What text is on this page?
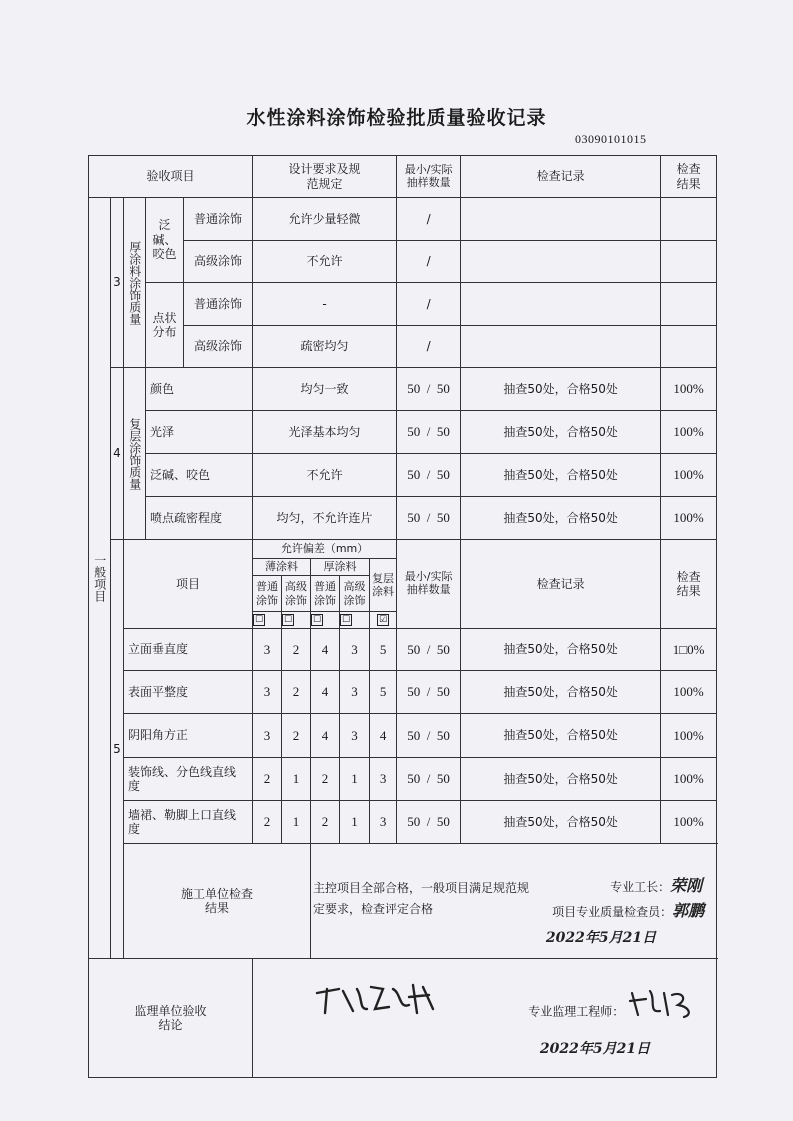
水性涂料涂饰检验批质量验收记录
03090101015
验收项目					设计要求及规范规定					最小/实际抽样数量	检查记录	检查结果

一般项目	3	厚涂料涂饰质量	泛碱、咬色	普通涂饰	允许少量轻微					/		
				高级涂饰	不允许					/		

			点状分布	普通涂饰	-					/		
				高级涂饰	疏密均匀					/		
	4	复层涂饰质量	颜色		均匀一致					50  /  50	抽查50处，合格50处	100%
			光泽		光泽基本均匀					50  /  50	抽查50处，合格50处	100%
			泛碱、咬色		不允许					50  /  50	抽查50处，合格50处	100%
			喷点疏密程度		均匀，不允许连片					50  /  50	抽查50处，合格50处	100%
	5	项目			允许偏差（mm）					最小/实际抽样数量	检查记录	检查结果

					薄涂料		厚涂料		复层涂料			

					普通涂饰	高级涂饰	普通涂饰	高级涂饰				

					☐	☐	☐	☐	☑			
		立面垂直度			3	2	4	3	5	50  /  50	抽查50处，合格50处	1□0%
		表面平整度			3	2	4	3	5	50  /  50	抽查50处，合格50处	100%
		阴阳角方正			3	2	4	3	4	50  /  50	抽查50处，合格50处	100%

		装饰线、分色线直线度			2	1	2	1	3	50  /  50	抽查50处，合格50处	100%

		墙裙、勒脚上口直线度			2	1	2	1	3	50  /  50	抽查50处，合格50处	100%

		施工单位检查结果					主控项目全部合格，一般项目满足规范规
定要求，检查评定合格
专业工长：荣刚
项目专业质量检查员：郭鹏
2022年5月21日					

监理单位验收结论					专业监理工程师：
2022年5月21日							
